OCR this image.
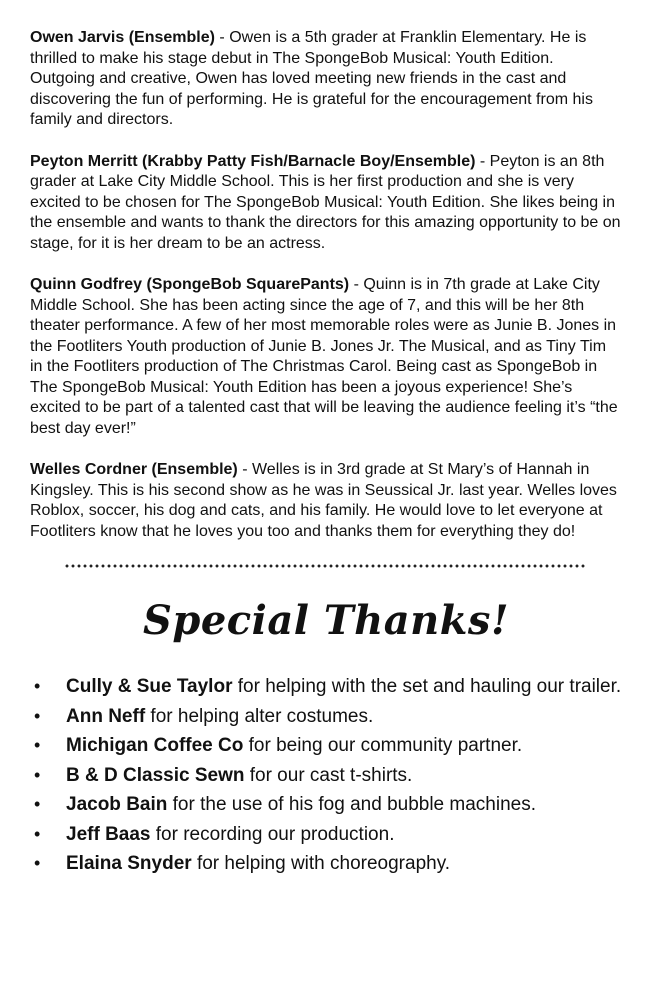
Owen Jarvis (Ensemble) - Owen is a 5th grader at Franklin Elementary. He is thrilled to make his stage debut in The SpongeBob Musical: Youth Edition. Outgoing and creative, Owen has loved meeting new friends in the cast and discovering the fun of performing. He is grateful for the encouragement from his family and directors.

Peyton Merritt (Krabby Patty Fish/Barnacle Boy/Ensemble) - Peyton is an 8th grader at Lake City Middle School. This is her first production and she is very excited to be chosen for The SpongeBob Musical: Youth Edition. She likes being in the ensemble and wants to thank the directors for this amazing opportunity to be on stage, for it is her dream to be an actress.

Quinn Godfrey (SpongeBob SquarePants) - Quinn is in 7th grade at Lake City Middle School. She has been acting since the age of 7, and this will be her 8th theater performance. A few of her most memorable roles were as Junie B. Jones in the Footliters Youth production of Junie B. Jones Jr. The Musical, and as Tiny Tim in the Footliters production of The Christmas Carol. Being cast as SpongeBob in The SpongeBob Musical: Youth Edition has been a joyous experience! She’s excited to be part of a talented cast that will be leaving the audience feeling it’s “the best day ever!”

Welles Cordner (Ensemble) - Welles is in 3rd grade at St Mary’s of Hannah in Kingsley. This is his second show as he was in Seussical Jr. last year. Welles loves Roblox, soccer, his dog and cats, and his family. He would love to let everyone at Footliters know that he loves you too and thanks them for everything they do!

Special Thanks!
• Cully & Sue Taylor for helping with the set and hauling our trailer.
• Ann Neff for helping alter costumes.
• Michigan Coffee Co for being our community partner.
• B & D Classic Sewn for our cast t-shirts.
• Jacob Bain for the use of his fog and bubble machines.
• Jeff Baas for recording our production.
• Elaina Snyder for helping with choreography.
